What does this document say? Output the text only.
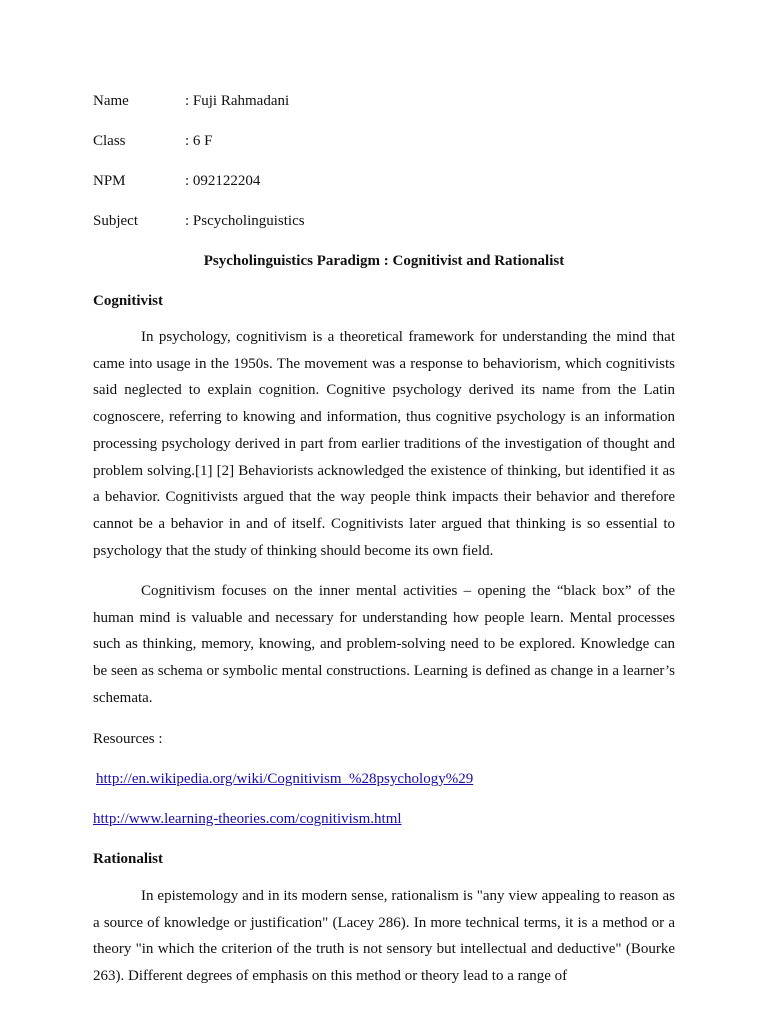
Name	: Fuji Rahmadani
Class	: 6 F
NPM	: 092122204
Subject	: Pscycholinguistics
Psycholinguistics Paradigm : Cognitivist and Rationalist
Cognitivist

In psychology, cognitivism is a theoretical framework for understanding the mind that came into usage in the 1950s. The movement was a response to behaviorism, which cognitivists said neglected to explain cognition. Cognitive psychology derived its name from the Latin cognoscere, referring to knowing and information, thus cognitive psychology is an information processing psychology derived in part from earlier traditions of the investigation of thought and problem solving.[1] [2] Behaviorists acknowledged the existence of thinking, but identified it as a behavior. Cognitivists argued that the way people think impacts their behavior and therefore cannot be a behavior in and of itself. Cognitivists later argued that thinking is so essential to psychology that the study of thinking should become its own field.

Cognitivism focuses on the inner mental activities – opening the “black box” of the human mind is valuable and necessary for understanding how people learn. Mental processes such as thinking, memory, knowing, and problem-solving need to be explored. Knowledge can be seen as schema or symbolic mental constructions. Learning is defined as change in a learner’s schemata.

Resources :
http://en.wikipedia.org/wiki/Cognitivism_%28psychology%29
http://www.learning-theories.com/cognitivism.html
Rationalist

In epistemology and in its modern sense, rationalism is "any view appealing to reason as a source of knowledge or justification" (Lacey 286). In more technical terms, it is a method or a theory "in which the criterion of the truth is not sensory but intellectual and deductive" (Bourke 263). Different degrees of emphasis on this method or theory lead to a range of
